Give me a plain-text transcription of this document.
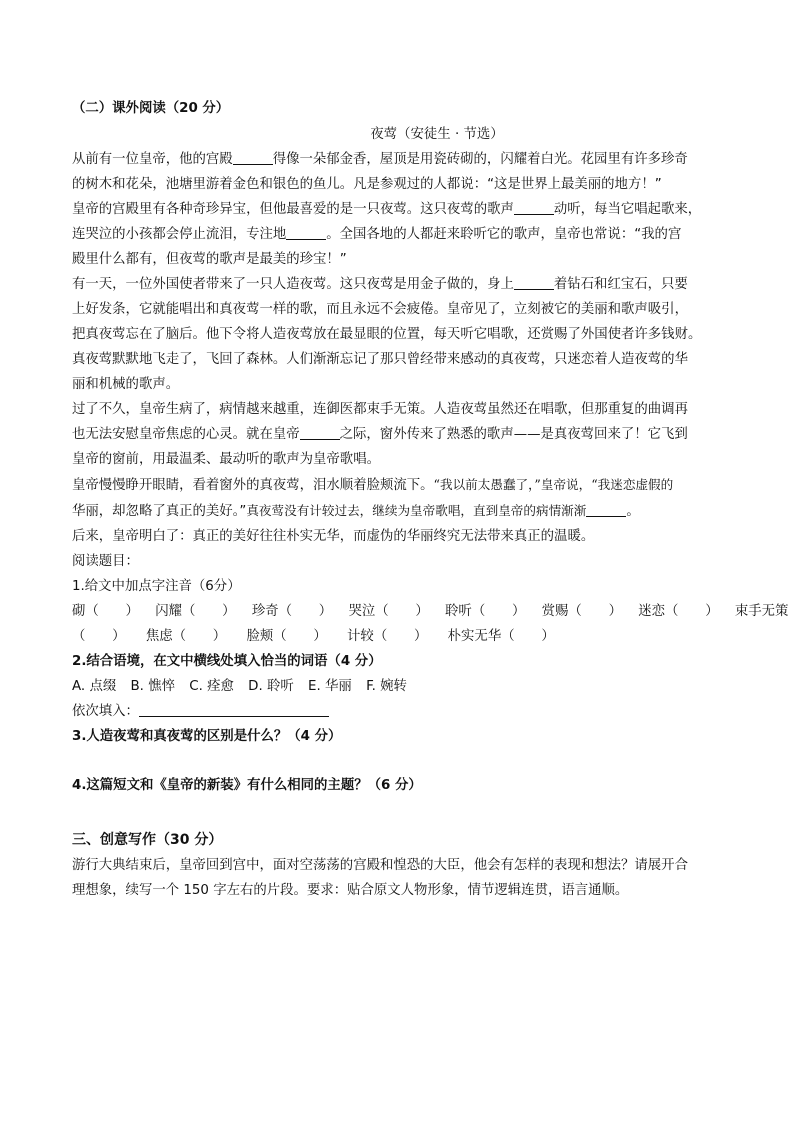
（二）课外阅读（20 分）
夜莺（安徒生 · 节选）
从前有一位皇帝，他的宫殿	得像一朵郁金香，屋顶是用瓷砖砌的，闪耀着白光。花园里有许多珍奇
的树木和花朵，池塘里游着金色和银色的鱼儿。凡是参观过的人都说：“这是世界上最美丽的地方！”
皇帝的宫殿里有各种奇珍异宝，但他最喜爱的是一只夜莺。这只夜莺的歌声	动听，每当它唱起歌来，
连哭泣的小孩都会停止流泪，专注地	。全国各地的人都赶来聆听它的歌声，皇帝也常说：“我的宫
殿里什么都有，但夜莺的歌声是最美的珍宝！”
有一天，一位外国使者带来了一只人造夜莺。这只夜莺是用金子做的，身上	着钻石和红宝石，只要
上好发条，它就能唱出和真夜莺一样的歌，而且永远不会疲倦。皇帝见了，立刻被它的美丽和歌声吸引，
把真夜莺忘在了脑后。他下令将人造夜莺放在最显眼的位置，每天听它唱歌，还赏赐了外国使者许多钱财。
真夜莺默默地飞走了，飞回了森林。人们渐渐忘记了那只曾经带来感动的真夜莺，只迷恋着人造夜莺的华
丽和机械的歌声。
过了不久，皇帝生病了，病情越来越重，连御医都束手无策。人造夜莺虽然还在唱歌，但那重复的曲调再
也无法安慰皇帝焦虑的心灵。就在皇帝	之际，窗外传来了熟悉的歌声——是真夜莺回来了！它飞到
皇帝的窗前，用最温柔、最动听的歌声为皇帝歌唱。
皇帝慢慢睁开眼睛，看着窗外的真夜莺，泪水顺着脸颊流下。“我以前太愚蠢了，”皇帝说，“我迷恋虚假的
华丽，却忽略了真正的美好。”真夜莺没有计较过去，继续为皇帝歌唱，直到皇帝的病情渐渐	。
后来，皇帝明白了：真正的美好往往朴实无华，而虚伪的华丽终究无法带来真正的温暖。
阅读题目：
1.给文中加点字注音（6分）
砌（　　） 闪耀（　　） 珍奇（　　） 哭泣（　　） 聆听（　　） 赏赐（　　） 迷恋（　　） 束手无策
（　　） 焦虑（　　） 脸颊（　　） 计较（　　） 朴实无华（　　）
2.结合语境，在文中横线处填入恰当的词语（4 分）
A. 点缀 B. 憔悴 C. 痊愈 D. 聆听 E. 华丽 F. 婉转
依次填入：
3.人造夜莺和真夜莺的区别是什么？（4 分）
4.这篇短文和《皇帝的新装》有什么相同的主题？（6 分）
三、创意写作（30 分）
游行大典结束后，皇帝回到宫中，面对空荡荡的宫殿和惶恐的大臣，他会有怎样的表现和想法？请展开合
理想象，续写一个 150 字左右的片段。要求：贴合原文人物形象，情节逻辑连贯，语言通顺。
